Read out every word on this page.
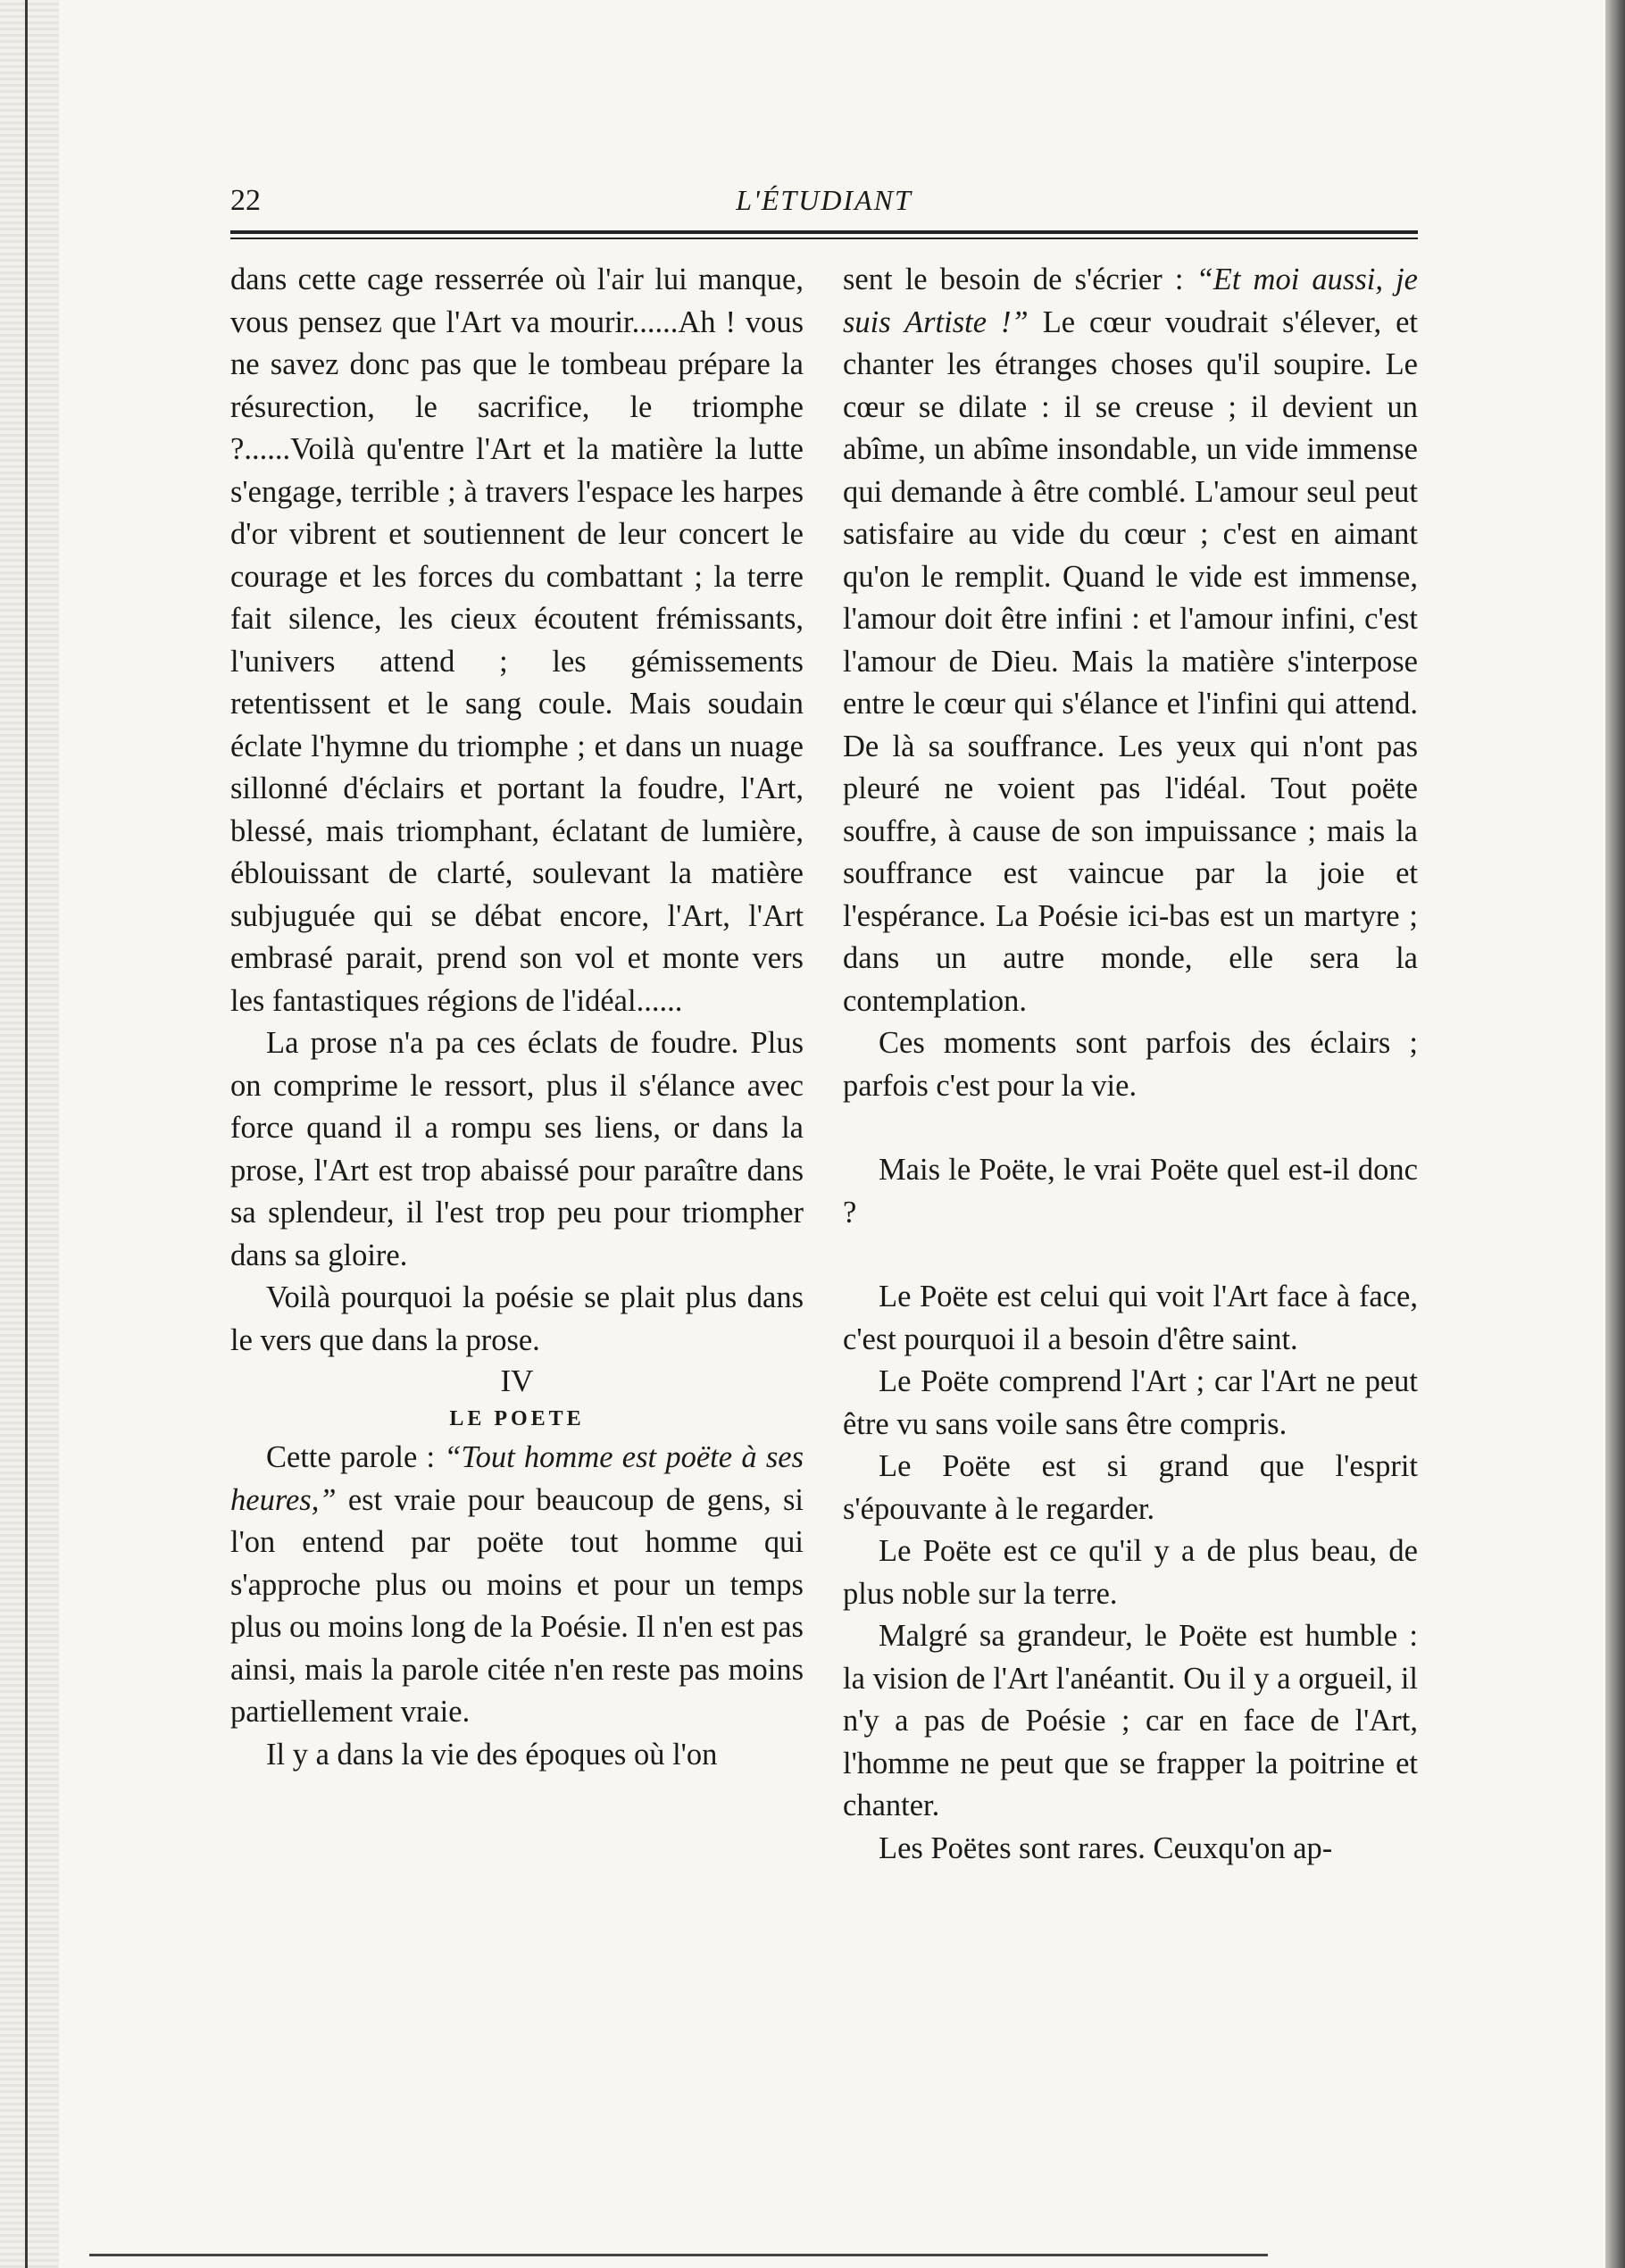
22	L'ÉTUDIANT

dans cette cage resserrée où l'air lui manque, vous pensez que l'Art va mourir......Ah ! vous ne savez donc pas que le tombeau prépare la résurection, le sacrifice, le triomphe ?......Voilà qu'entre l'Art et la matière la lutte s'engage, terrible ; à travers l'espace les harpes d'or vibrent et soutiennent de leur concert le courage et les forces du combattant ; la terre fait silence, les cieux écoutent frémissants, l'univers attend ; les gémissements retentissent et le sang coule. Mais soudain éclate l'hymne du triomphe ; et dans un nuage sillonné d'éclairs et portant la foudre, l'Art, blessé, mais triomphant, éclatant de lumière, éblouissant de clarté, soulevant la matière subjuguée qui se débat encore, l'Art, l'Art embrasé parait, prend son vol et monte vers les fantastiques régions de l'idéal......

La prose n'a pa ces éclats de foudre. Plus on comprime le ressort, plus il s'élance avec force quand il a rompu ses liens, or dans la prose, l'Art est trop abaissé pour paraître dans sa splendeur, il l'est trop peu pour triompher dans sa gloire.

Voilà pourquoi la poésie se plait plus dans le vers que dans la prose.

IV

LE POETE

Cette parole : “Tout homme est poëte à ses heures,” est vraie pour beaucoup de gens, si l'on entend par poëte tout homme qui s'approche plus ou moins et pour un temps plus ou moins long de la Poésie. Il n'en est pas ainsi, mais la parole citée n'en reste pas moins partiellement vraie.

Il y a dans la vie des époques où l'on

sent le besoin de s'écrier : “Et moi aussi, je suis Artiste !” Le cœur voudrait s'élever, et chanter les étranges choses qu'il soupire. Le cœur se dilate : il se creuse ; il devient un abîme, un abîme insondable, un vide immense qui demande à être comblé. L'amour seul peut satisfaire au vide du cœur ; c'est en aimant qu'on le remplit. Quand le vide est immense, l'amour doit être infini : et l'amour infini, c'est l'amour de Dieu. Mais la matière s'interpose entre le cœur qui s'élance et l'infini qui attend. De là sa souffrance. Les yeux qui n'ont pas pleuré ne voient pas l'idéal. Tout poëte souffre, à cause de son impuissance ; mais la souffrance est vaincue par la joie et l'espérance. La Poésie ici-bas est un martyre ; dans un autre monde, elle sera la contemplation.

Ces moments sont parfois des éclairs ; parfois c'est pour la vie.

Mais le Poëte, le vrai Poëte quel est-il donc ?

Le Poëte est celui qui voit l'Art face à face, c'est pourquoi il a besoin d'être saint.

Le Poëte comprend l'Art ; car l'Art ne peut être vu sans voile sans être compris.

Le Poëte est si grand que l'esprit s'épouvante à le regarder.

Le Poëte est ce qu'il y a de plus beau, de plus noble sur la terre.

Malgré sa grandeur, le Poëte est humble : la vision de l'Art l'anéantit. Ou il y a orgueil, il n'y a pas de Poésie ; car en face de l'Art, l'homme ne peut que se frapper la poitrine et chanter.

Les Poëtes sont rares. Ceuxqu'on ap-
